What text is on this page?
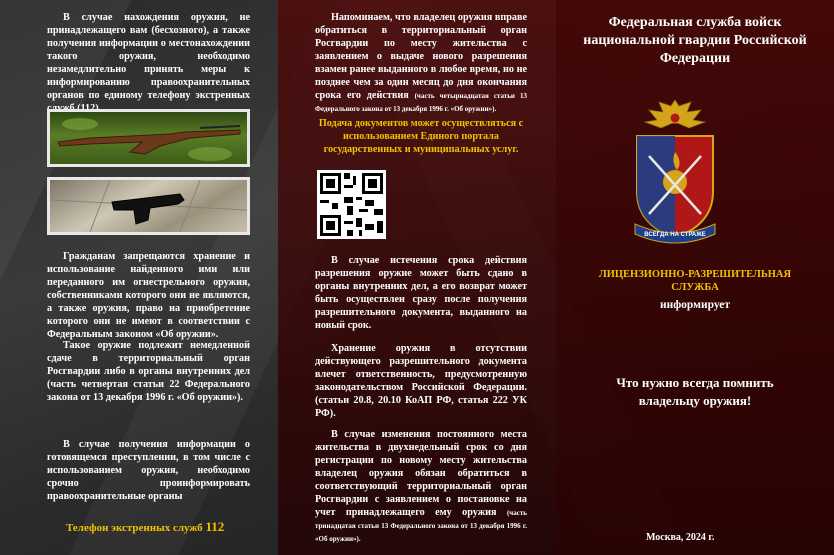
В случае нахождения оружия, не принадлежащего вам (бесхозного), а также получения информации о местонахождении такого оружия, необходимо незамедлительно принять меры к информированию правоохранительных органов по единому телефону экстренных
Гражданам запрещаются хранение и использование найденного ими или переданного им огнестрельного оружия, собственниками которого они не являются, а также оружия, право на приобретение которого они не имеют в соответствии с Федеральным законом «Об оружии».
Такое оружие подлежит немедленной сдаче в территориальный орган Росгвардии либо в органы внутренних дел (часть четвертая статьи 22 Федерального закона от 13 декабря 1996 г. «Об оружии»).
В случае получения информации о готовящемся преступлении, в том числе с использованием оружия, необходимо срочно проинформировать правоохранительные органы
Телефон экстренных служб 112
Напоминаем, что владелец оружия вправе обратиться в территориальный орган Росгвардии по месту жительства с заявлением о выдаче нового разрешения взамен ранее выданного в любое время, но не позднее чем за один месяц до дня окончания срока его действия (часть четырнадцатая статьи 13 Федерального закона от 13 декабря 1996 г. «Об оружии»).
Подача документов может осуществляться с использованием Единого портала государственных и муниципальных услуг.
В случае истечения срока действия разрешения оружие может быть сдано в органы внутренних дел, а его возврат может быть осуществлен сразу после получения разрешительного документа, выданного на новый срок.
Хранение оружия в отсутствии действующего разрешительного документа влечет ответственность, предусмотренную законодательством Российской Федерации. (статьи 20.8, 20.10 КоАП РФ, статья 222 УК РФ).
В случае изменения постоянного места жительства в двухнедельный срок со дня регистрации по новому месту жительства владелец оружия обязан обратиться в соответствующий территориальный орган Росгвардии с заявлением о постановке на учет принадлежащего ему оружия (часть тринадцатая статьи 13 Федерального закона от 13 декабря 1996 г. «Об оружии»).
Федеральная служба войск национальной гвардии Российской Федерации
ЛИЦЕНЗИОННО-РАЗРЕШИТЕЛЬНАЯ СЛУЖБА
информирует
Что нужно всегда помнить владельцу оружия!
Москва, 2024 г.
ВСЕГДА НА СТРАЖЕ
